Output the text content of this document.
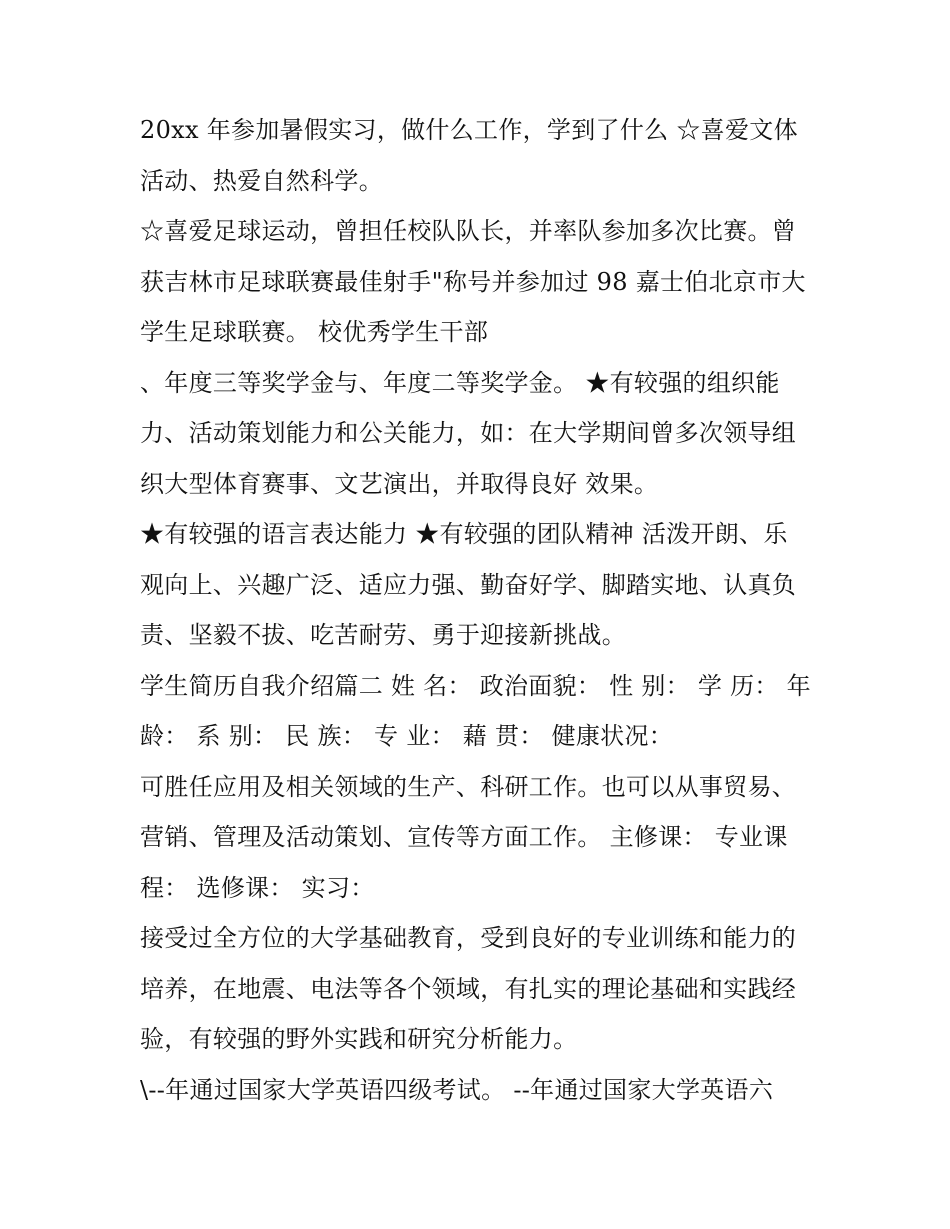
20xx 年参加暑假实习，做什么工作，学到了什么 ☆喜爱文体
活动、热爱自然科学。
☆喜爱足球运动，曾担任校队队长，并率队参加多次比赛。曾
获吉林市足球联赛最佳射手"称号并参加过 98 嘉士伯北京市大
学生足球联赛。 校优秀学生干部
、年度三等奖学金与、年度二等奖学金。 ★有较强的组织能
力、活动策划能力和公关能力，如：在大学期间曾多次领导组
织大型体育赛事、文艺演出，并取得良好 效果。
★有较强的语言表达能力 ★有较强的团队精神 活泼开朗、乐
观向上、兴趣广泛、适应力强、勤奋好学、脚踏实地、认真负
责、坚毅不拔、吃苦耐劳、勇于迎接新挑战。
学生简历自我介绍篇二 姓 名： 政治面貌： 性 别： 学 历： 年
龄： 系 别： 民 族： 专 业： 藉 贯： 健康状况：
可胜任应用及相关领域的生产、科研工作。也可以从事贸易、
营销、管理及活动策划、宣传等方面工作。 主修课： 专业课
程： 选修课： 实习：
接受过全方位的大学基础教育，受到良好的专业训练和能力的
培养，在地震、电法等各个领域，有扎实的理论基础和实践经
验，有较强的野外实践和研究分析能力。
\--年通过国家大学英语四级考试。 --年通过国家大学英语六
